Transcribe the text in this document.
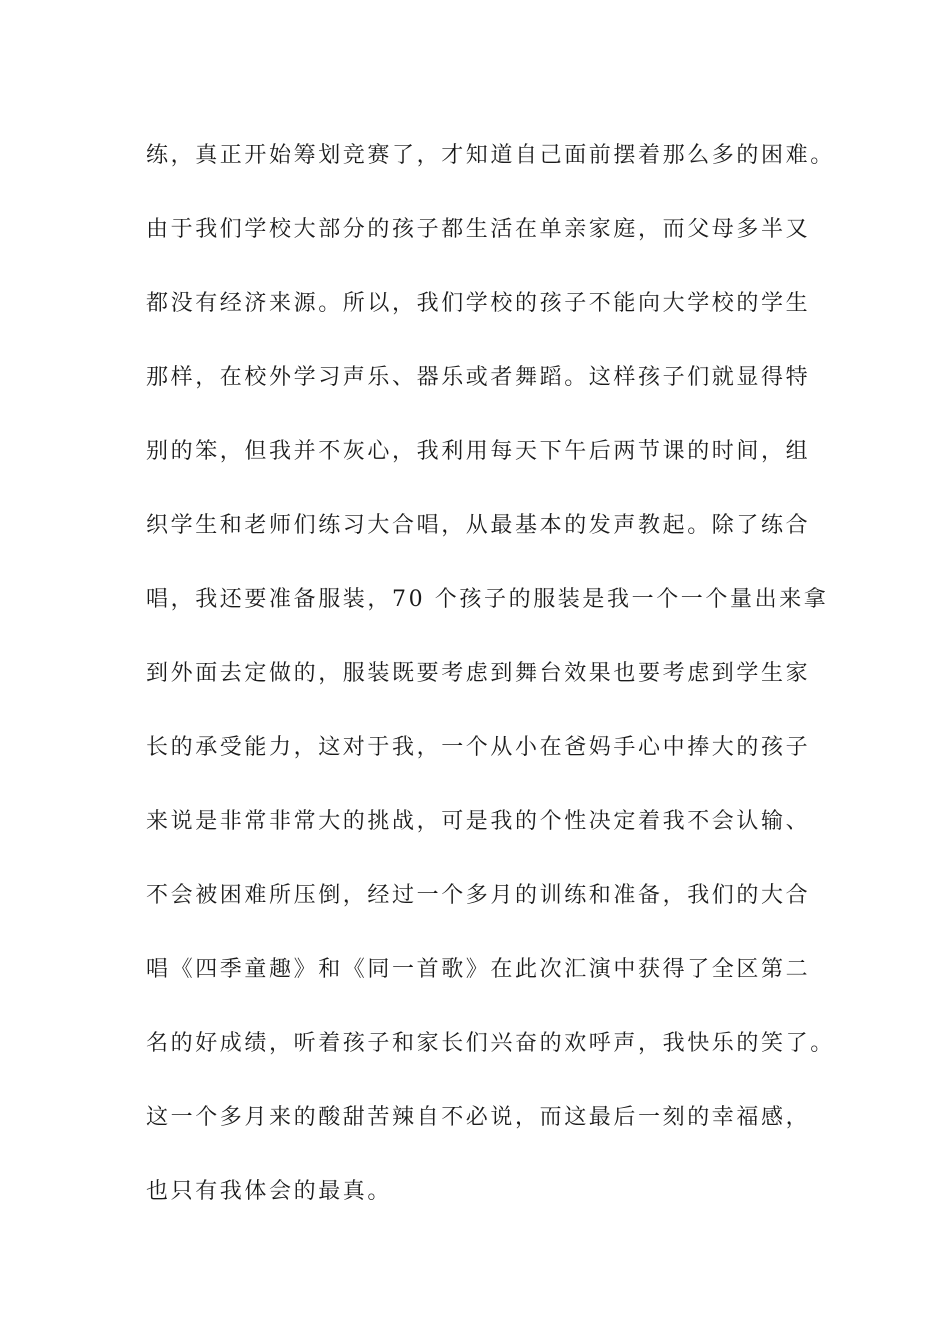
练，真正开始筹划竞赛了，才知道自己面前摆着那么多的困难。
由于我们学校大部分的孩子都生活在单亲家庭，而父母多半又
都没有经济来源。所以，我们学校的孩子不能向大学校的学生
那样，在校外学习声乐、器乐或者舞蹈。这样孩子们就显得特
别的笨，但我并不灰心，我利用每天下午后两节课的时间，组
织学生和老师们练习大合唱，从最基本的发声教起。除了练合
唱，我还要准备服装，70 个孩子的服装是我一个一个量出来拿
到外面去定做的，服装既要考虑到舞台效果也要考虑到学生家
长的承受能力，这对于我，一个从小在爸妈手心中捧大的孩子
来说是非常非常大的挑战，可是我的个性决定着我不会认输、
不会被困难所压倒，经过一个多月的训练和准备，我们的大合
唱《四季童趣》和《同一首歌》在此次汇演中获得了全区第二
名的好成绩，听着孩子和家长们兴奋的欢呼声，我快乐的笑了。
这一个多月来的酸甜苦辣自不必说，而这最后一刻的幸福感，
也只有我体会的最真。
